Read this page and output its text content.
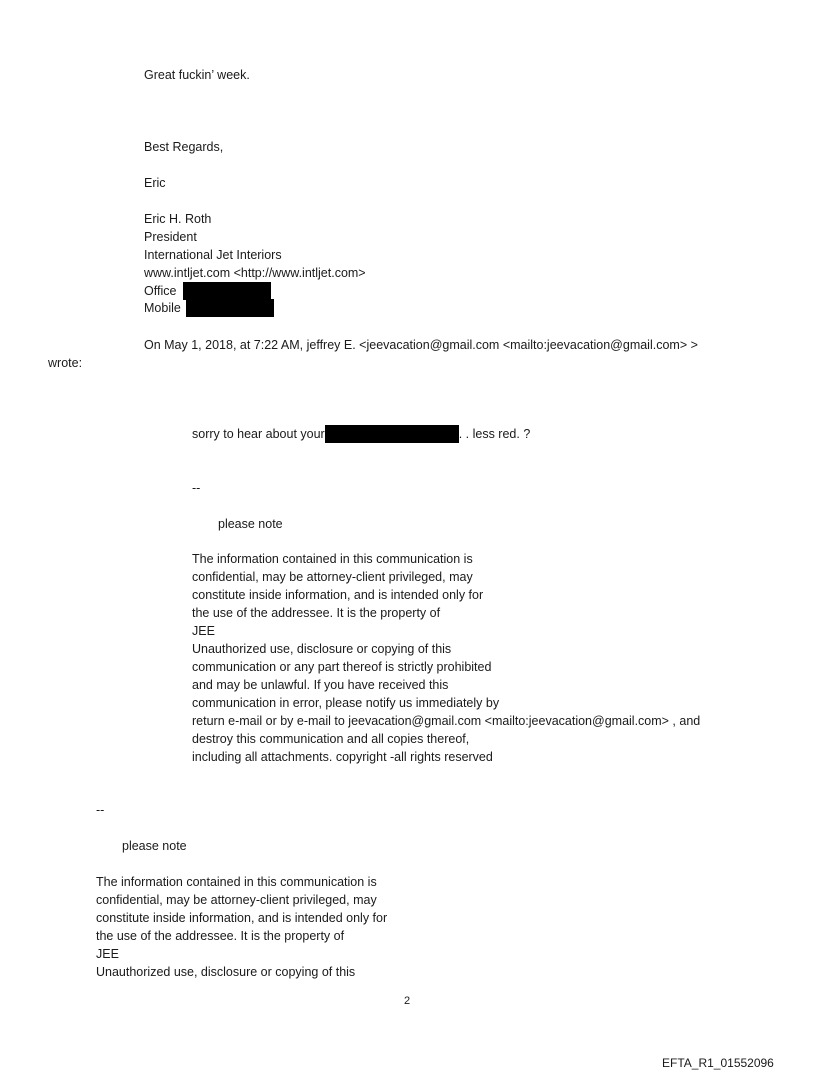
Great fuckin’ week.
Best Regards,
Eric
Eric H. Roth
President
International Jet Interiors
www.intljet.com <http://www.intljet.com>
Office
Mobile
On May 1, 2018, at 7:22 AM, jeffrey E. <jeevacation@gmail.com <mailto:jeevacation@gmail.com> >
wrote:
sorry to hear about your	. . less red. ?
--
please note
The information contained in this communication is
confidential, may be attorney-client privileged, may
constitute inside information, and is intended only for
the use of the addressee. It is the property of
JEE
Unauthorized use, disclosure or copying of this
communication or any part thereof is strictly prohibited
and may be unlawful. If you have received this
communication in error, please notify us immediately by
return e-mail or by e-mail to jeevacation@gmail.com <mailto:jeevacation@gmail.com> , and
destroy this communication and all copies thereof,
including all attachments. copyright -all rights reserved
--
please note
The information contained in this communication is
confidential, may be attorney-client privileged, may
constitute inside information, and is intended only for
the use of the addressee. It is the property of
JEE
Unauthorized use, disclosure or copying of this
2
EFTA_R1_01552096
